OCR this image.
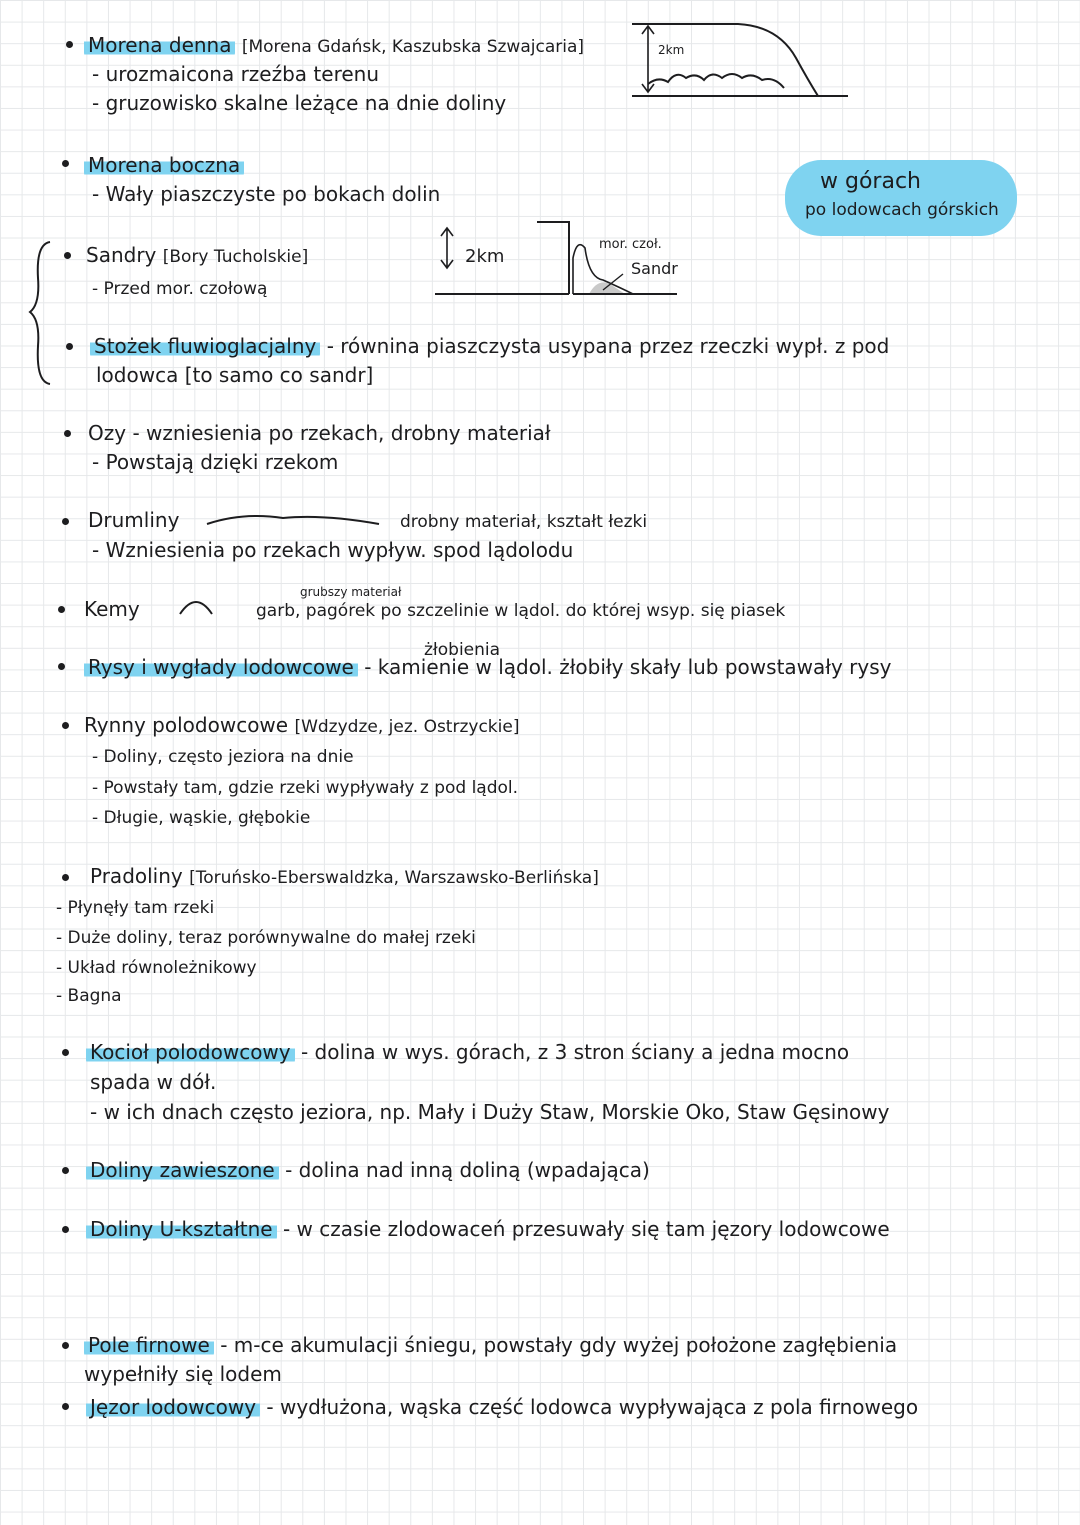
Morena denna [Morena Gdańsk, Kaszubska Szwajcaria]
- urozmaicona rzeźba terenu
- gruzowisko skalne leżące na dnie doliny
2km
Morena boczna
- Wały piaszczyste po bokach dolin	w górach
po lodowcach górskich
Sandry [Bory Tucholskie]
- Przed mor. czołową
2km
mor. czoł.
Sandr
Stożek fluwioglacjalny - równina piaszczysta usypana przez rzeczki wypł. z pod
lodowca [to samo co sandr]
Ozy - wzniesienia po rzekach, drobny materiał
- Powstają dzięki rzekom
Drumliny	drobny materiał, kształt łezki
- Wzniesienia po rzekach wypływ. spod lądolodu
grubszy materiał
Kemy	garb, pagórek po szczelinie w lądol. do której wsyp. się piasek
żłobienia
Rysy i wygłady lodowcowe - kamienie w lądol. żłobiły skały lub powstawały rysy
Rynny polodowcowe [Wdzydze, jez. Ostrzyckie]
- Doliny, często jeziora na dnie
- Powstały tam, gdzie rzeki wypływały z pod lądol.
- Długie, wąskie, głębokie
Pradoliny [Toruńsko-Eberswaldzka, Warszawsko-Berlińska]
- Płynęły tam rzeki
- Duże doliny, teraz porównywalne do małej rzeki
- Układ równoleżnikowy
- Bagna
Kocioł polodowcowy - dolina w wys. górach, z 3 stron ściany a jedna mocno
spada w dół.
- w ich dnach często jeziora, np. Mały i Duży Staw, Morskie Oko, Staw Gęsinowy
Doliny zawieszone - dolina nad inną doliną (wpadająca)
Doliny U-kształtne - w czasie zlodowaceń przesuwały się tam jęzory lodowcowe
Pole firnowe - m-ce akumulacji śniegu, powstały gdy wyżej położone zagłębienia
wypełniły się lodem
Jęzor lodowcowy - wydłużona, wąska część lodowca wypływająca z pola firnowego
